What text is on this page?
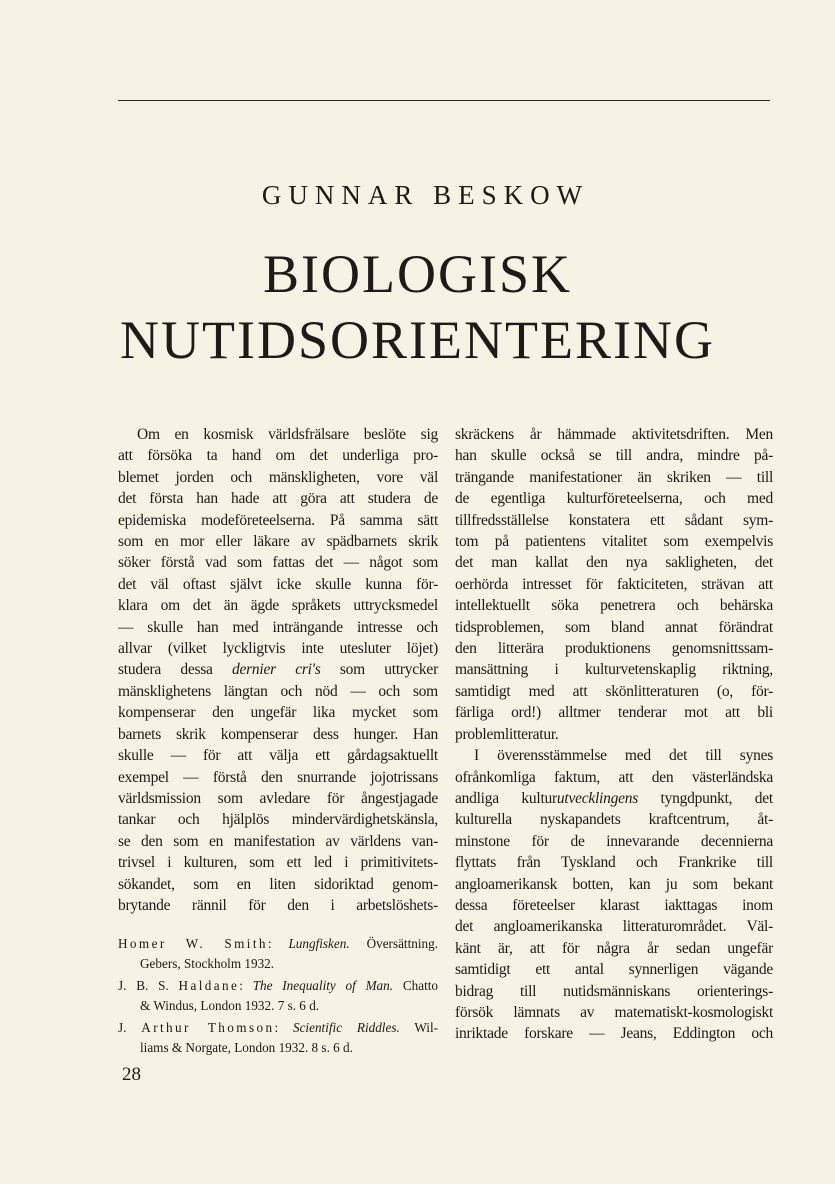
GUNNAR BESKOW
BIOLOGISK
NUTIDSORIENTERING
Om en kosmisk världsfrälsare beslöte sig
att försöka ta hand om det underliga pro-
blemet jorden och mänskligheten, vore väl
det första han hade att göra att studera de
epidemiska modeföreteelserna. På samma sätt
som en mor eller läkare av spädbarnets skrik
söker förstå vad som fattas det — något som
det väl oftast självt icke skulle kunna för-
klara om det än ägde språkets uttrycksmedel
— skulle han med inträngande intresse och
allvar (vilket lyckligtvis inte utesluter löjet)
studera dessa dernier cri's som uttrycker
mänsklighetens längtan och nöd — och som
kompenserar den ungefär lika mycket som
barnets skrik kompenserar dess hunger. Han
skulle — för att välja ett gårdagsaktuellt
exempel — förstå den snurrande jojotrissans
världsmission som avledare för ångestjagade
tankar och hjälplös mindervärdighetskänsla,
se den som en manifestation av världens van-
trivsel i kulturen, som ett led i primitivitets-
sökandet, som en liten sidoriktad genom-
brytande rännil för den i arbetslöshets-
Homer W. Smith: Lungfisken. Översättning.
Gebers, Stockholm 1932.
J. B. S. Haldane: The Inequality of Man. Chatto
& Windus, London 1932. 7 s. 6 d.
J. Arthur Thomson: Scientific Riddles. Wil-
liams & Norgate, London 1932. 8 s. 6 d.
skräckens år hämmade aktivitetsdriften. Men
han skulle också se till andra, mindre på-
trängande manifestationer än skriken — till
de egentliga kulturföreteelserna, och med
tillfredsställelse konstatera ett sådant sym-
tom på patientens vitalitet som exempelvis
det man kallat den nya sakligheten, det
oerhörda intresset för fakticiteten, strävan att
intellektuellt söka penetrera och behärska
tidsproblemen, som bland annat förändrat
den litterära produktionens genomsnittssam-
mansättning i kulturvetenskaplig riktning,
samtidigt med att skönlitteraturen (o, för-
färliga ord!) alltmer tenderar mot att bli
problemlitteratur.
I överensstämmelse med det till synes
ofrånkomliga faktum, att den västerländska
andliga kulturutvecklingens tyngdpunkt, det
kulturella nyskapandets kraftcentrum, åt-
minstone för de innevarande decennierna
flyttats från Tyskland och Frankrike till
angloamerikansk botten, kan ju som bekant
dessa företeelser klarast iakttagas inom
det angloamerikanska litteraturområdet. Väl-
känt är, att för några år sedan ungefär
samtidigt ett antal synnerligen vägande
bidrag till nutidsmänniskans orienterings-
försök lämnats av matematiskt-kosmologiskt
inriktade forskare — Jeans, Eddington och
28
